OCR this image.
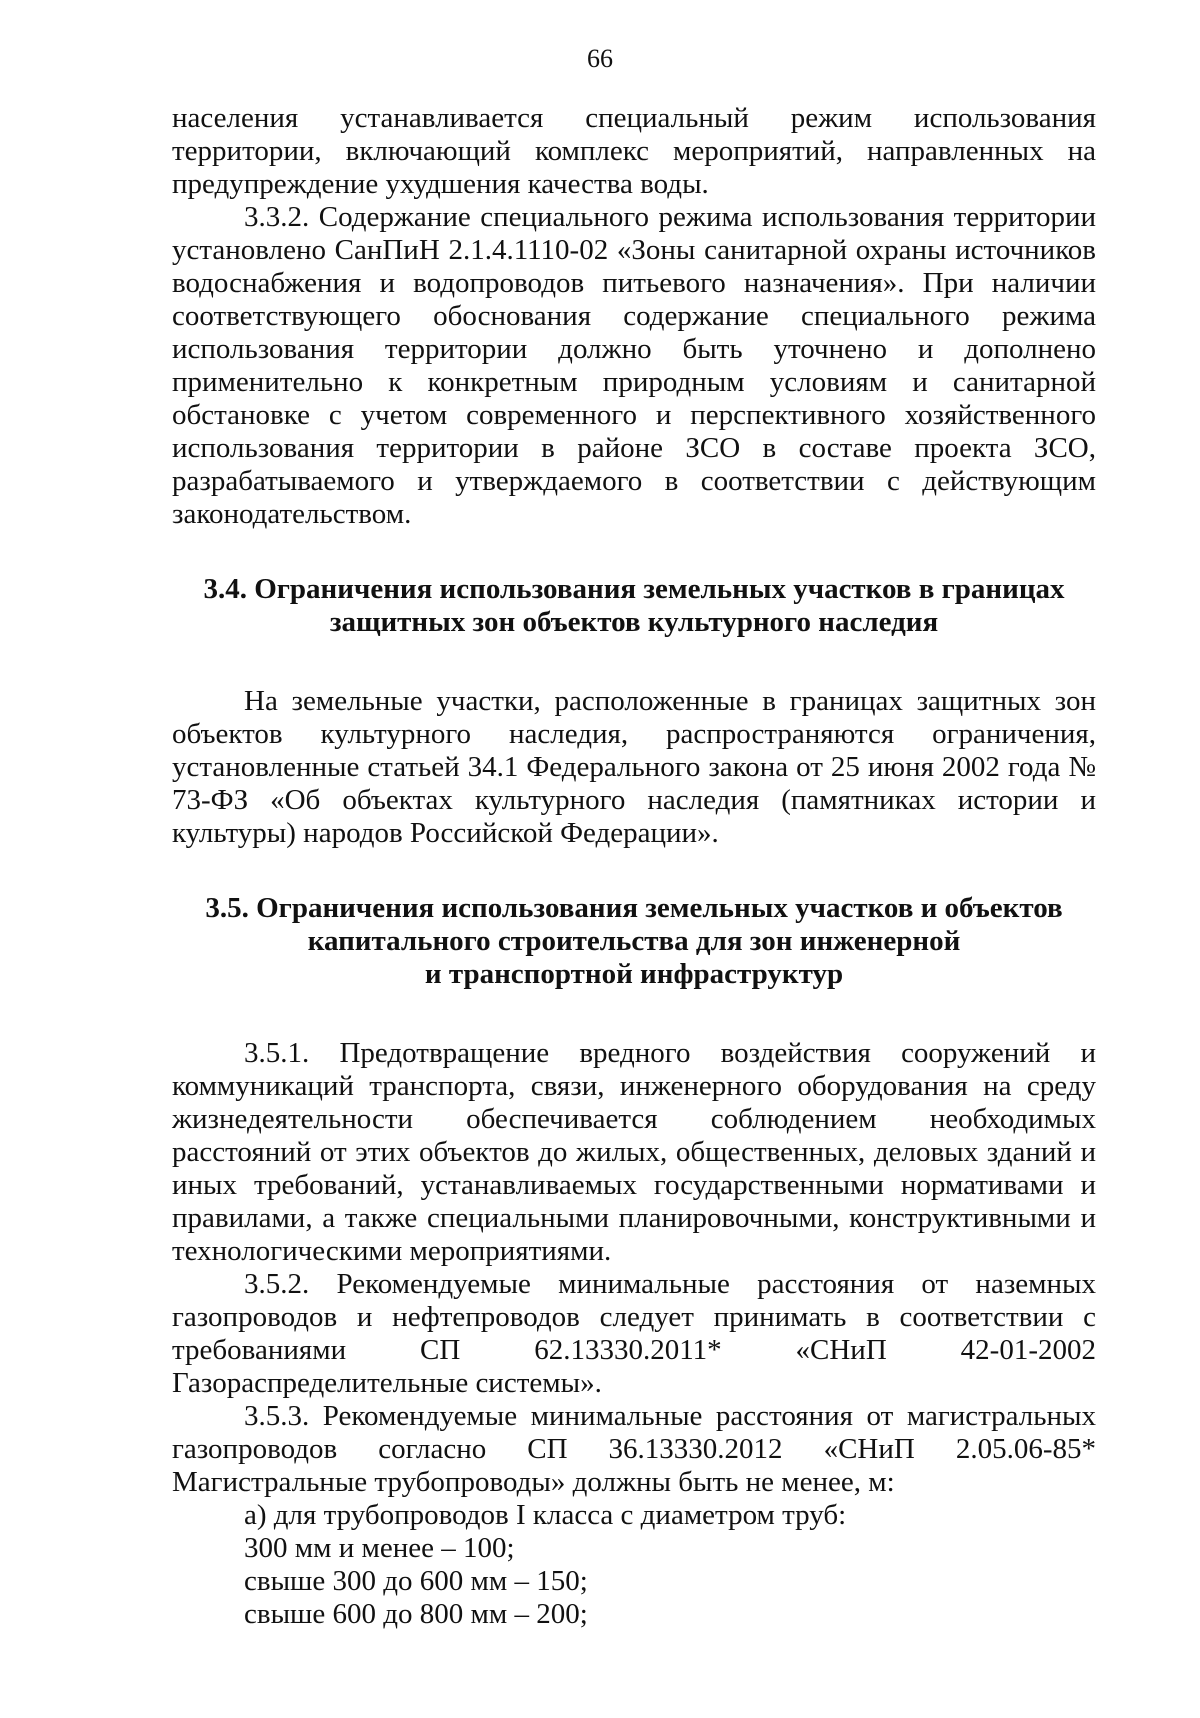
66

населения устанавливается специальный режим использования территории, включающий комплекс мероприятий, направленных на предупреждение ухудшения качества воды.

3.3.2. Содержание специального режима использования территории установлено СанПиН 2.1.4.1110-02 «Зоны санитарной охраны источников водоснабжения и водопроводов питьевого назначения». При наличии соответствующего обоснования содержание специального режима использования территории должно быть уточнено и дополнено применительно к конкретным природным условиям и санитарной обстановке с учетом современного и перспективного хозяйственного использования территории в районе ЗСО в составе проекта ЗСО, разрабатываемого и утверждаемого в соответствии с действующим законодательством.

3.4. Ограничения использования земельных участков в границах

защитных зон объектов культурного наследия

На земельные участки, расположенные в границах защитных зон объектов культурного наследия, распространяются ограничения, установленные статьей 34.1 Федерального закона от 25 июня 2002 года № 73-ФЗ «Об объектах культурного наследия (памятниках истории и культуры) народов Российской Федерации».

3.5. Ограничения использования земельных участков и объектов

капитального строительства для зон инженерной

и транспортной инфраструктур

3.5.1. Предотвращение вредного воздействия сооружений и коммуникаций транспорта, связи, инженерного оборудования на среду жизнедеятельности обеспечивается соблюдением необходимых расстояний от этих объектов до жилых, общественных, деловых зданий и иных требований, устанавливаемых государственными нормативами и правилами, а также специальными планировочными, конструктивными и технологическими мероприятиями.

3.5.2. Рекомендуемые минимальные расстояния от наземных газопроводов и нефтепроводов следует принимать в соответствии с требованиями СП 62.13330.2011* «СНиП 42-01-2002 Газораспределительные системы».

3.5.3. Рекомендуемые минимальные расстояния от магистральных газопроводов согласно СП 36.13330.2012 «СНиП 2.05.06-85* Магистральные трубопроводы» должны быть не менее, м:

а) для трубопроводов I класса с диаметром труб:

300 мм и менее – 100;

свыше 300 до 600 мм – 150;

свыше 600 до 800 мм – 200;
